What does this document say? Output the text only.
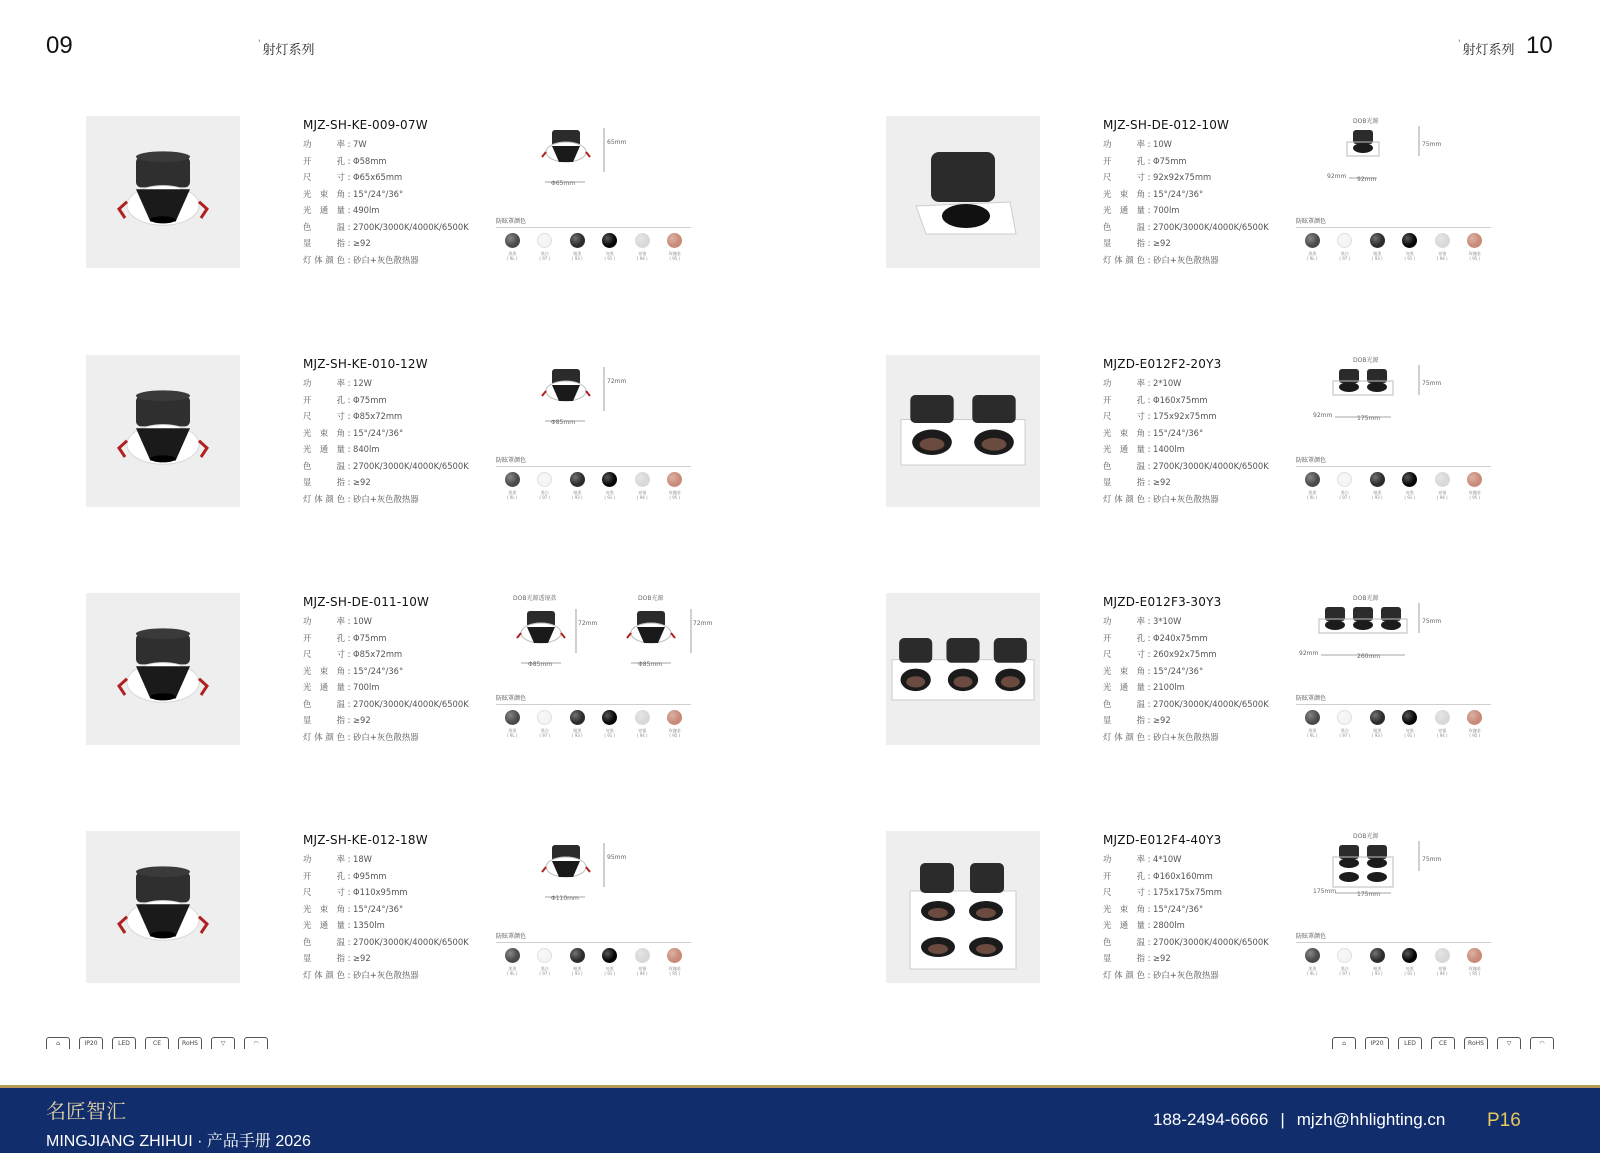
09	' 射灯系列	' 射灯系列 10
MJZ-SH-KE-009-07W
功率 : 7W
开孔 : Φ58mm
尺寸 : Φ65x65mm
光束角 : 15°/24°/36°
光通量 : 490lm
色温 : 2700K/3000K/4000K/6500K
显指 : ≥92
灯体颜色 : 砂白+灰色散热器
65mm
Φ65mm
防眩罩颜色
黑黑
( 9L )
黑白
( 97 )
哑黑
( 93 )
亮黑
( 91 )
亮银
( 94 )
玫瑰金
( 95 )
MJZ-SH-KE-010-12W
功率 : 12W
开孔 : Φ75mm
尺寸 : Φ85x72mm
光束角 : 15°/24°/36°
光通量 : 840lm
色温 : 2700K/3000K/4000K/6500K
显指 : ≥92
灯体颜色 : 砂白+灰色散热器
72mm
Φ85mm
防眩罩颜色
黑黑
( 9L )
黑白
( 97 )
哑黑
( 93 )
亮黑
( 91 )
亮银
( 94 )
玫瑰金
( 95 )
MJZ-SH-DE-011-10W
功率 : 10W
开孔 : Φ75mm
尺寸 : Φ85x72mm
光束角 : 15°/24°/36°
光通量 : 700lm
色温 : 2700K/3000K/4000K/6500K
显指 : ≥92
灯体颜色 : 砂白+灰色散热器
DOB光源透镜款	DOB光源
72mm	72mm
Φ85mm	Φ85mm
防眩罩颜色
黑黑
( 9L )
黑白
( 97 )
哑黑
( 93 )
亮黑
( 91 )
亮银
( 94 )
玫瑰金
( 95 )
MJZ-SH-KE-012-18W
功率 : 18W
开孔 : Φ95mm
尺寸 : Φ110x95mm
光束角 : 15°/24°/36°
光通量 : 1350lm
色温 : 2700K/3000K/4000K/6500K
显指 : ≥92
灯体颜色 : 砂白+灰色散热器
95mm
Φ110mm
防眩罩颜色
黑黑
( 9L )
黑白
( 97 )
哑黑
( 93 )
亮黑
( 91 )
亮银
( 94 )
玫瑰金
( 95 )
MJZ-SH-DE-012-10W
功率 : 10W
开孔 : Φ75mm
尺寸 : 92x92x75mm
光束角 : 15°/24°/36°
光通量 : 700lm
色温 : 2700K/3000K/4000K/6500K
显指 : ≥92
灯体颜色 : 砂白+灰色散热器
DOB光源
75mm
92mm 92mm
防眩罩颜色
黑黑
( 9L )
黑白
( 97 )
哑黑
( 93 )
亮黑
( 91 )
亮银
( 94 )
玫瑰金
( 95 )
MJZD-E012F2-20Y3
功率 : 2*10W
开孔 : Φ160x75mm
尺寸 : 175x92x75mm
光束角 : 15°/24°/36°
光通量 : 1400lm
色温 : 2700K/3000K/4000K/6500K
显指 : ≥92
灯体颜色 : 砂白+灰色散热器
DOB光源
75mm
92mm	175mm
防眩罩颜色
黑黑
( 9L )
黑白
( 97 )
哑黑
( 93 )
亮黑
( 91 )
亮银
( 94 )
玫瑰金
( 95 )
MJZD-E012F3-30Y3
功率 : 3*10W
开孔 : Φ240x75mm
尺寸 : 260x92x75mm
光束角 : 15°/24°/36°
光通量 : 2100lm
色温 : 2700K/3000K/4000K/6500K
显指 : ≥92
灯体颜色 : 砂白+灰色散热器
DOB光源
75mm
92mm	260mm
防眩罩颜色
黑黑
( 9L )
黑白
( 97 )
哑黑
( 93 )
亮黑
( 91 )
亮银
( 94 )
玫瑰金
( 95 )
MJZD-E012F4-40Y3
功率 : 4*10W
开孔 : Φ160x160mm
尺寸 : 175x175x75mm
光束角 : 15°/24°/36°
光通量 : 2800lm
色温 : 2700K/3000K/4000K/6500K
显指 : ≥92
灯体颜色 : 砂白+灰色散热器
DOB光源
75mm
175mm	175mm
防眩罩颜色
黑黑
( 9L )
黑白
( 97 )
哑黑
( 93 )
亮黑
( 91 )
亮银
( 94 )
玫瑰金
( 95 )
⌂	IP20	LED	CE	RoHS	▽	◠	⌂	IP20	LED	CE	RoHS	▽	◠
名匠智汇
MINGJIANG ZHIHUI · 产品手册 2026
188-2494-6666 | mjzh@hhlighting.cn P16
